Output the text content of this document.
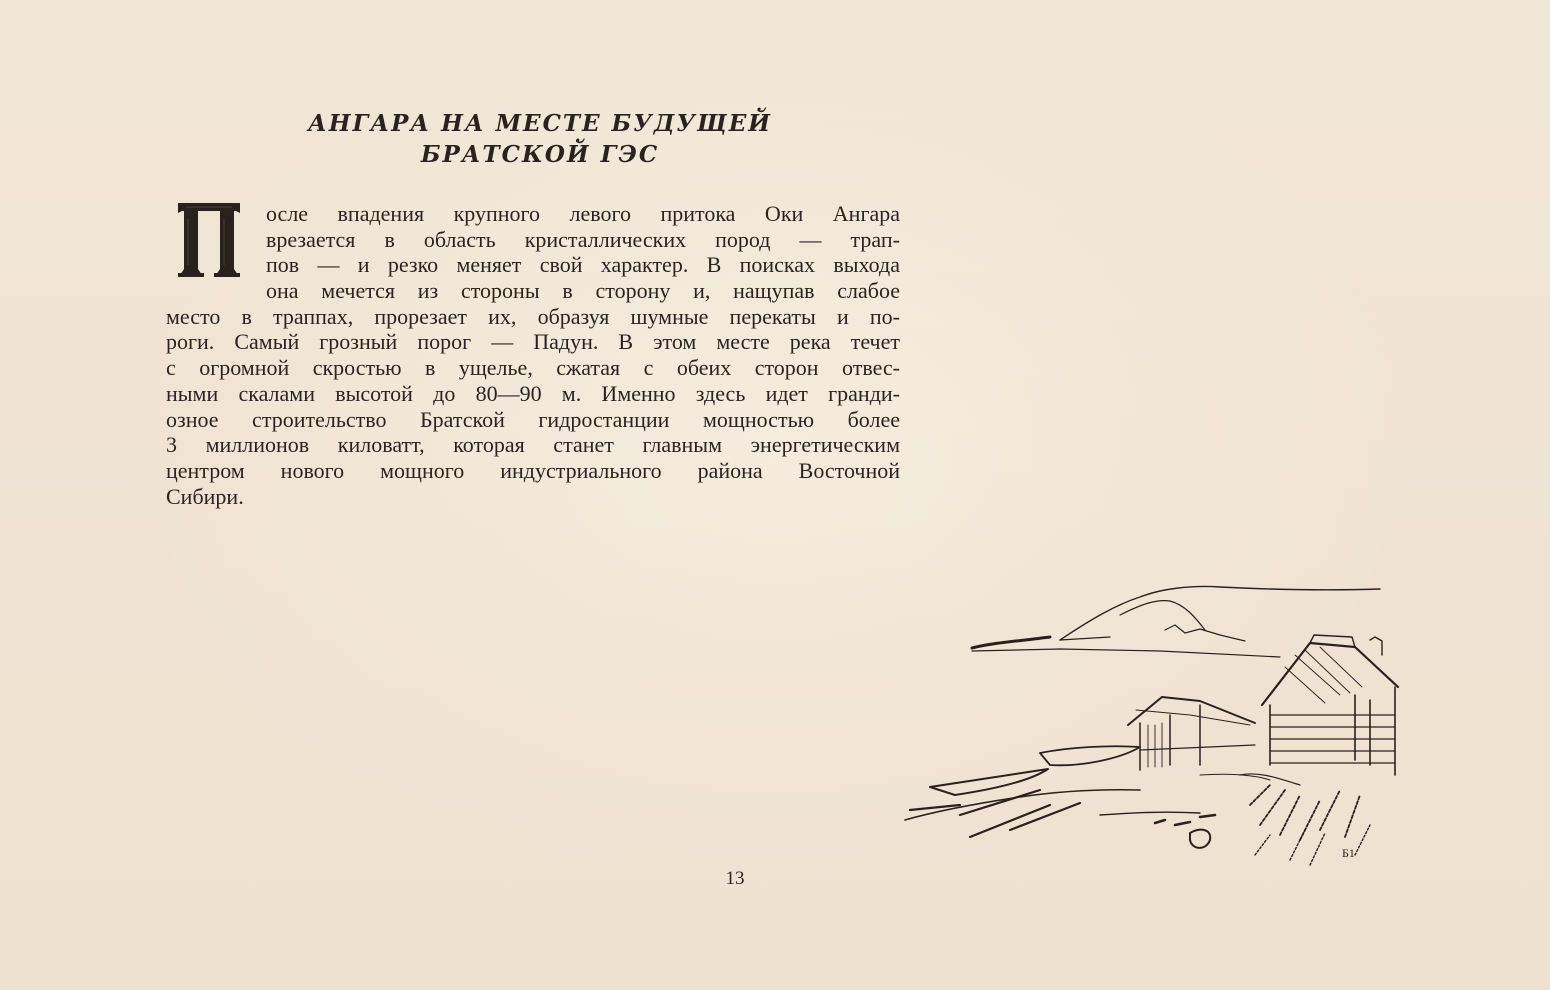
АНГАРА НА МЕСТЕ БУДУЩЕЙ
БРАТСКОЙ ГЭС
осле впадения крупного левого притока Оки Ангара
врезается в область кристаллических пород — трап-
пов — и резко меняет свой характер. В поисках выхода
она мечется из стороны в сторону и, нащупав слабое
место в траппах, прорезает их, образуя шумные перекаты и по-
роги. Самый грозный порог — Падун. В этом месте река течет
с огромной скростью в ущелье, сжатая с обеих сторон отвес-
ными скалами высотой до 80—90 м. Именно здесь идет гранди-
озное строительство Братской гидростанции мощностью более
3 миллионов киловатт, которая станет главным энергетическим
центром нового мощного индустриального района Восточной
Сибири.
Б1
13
